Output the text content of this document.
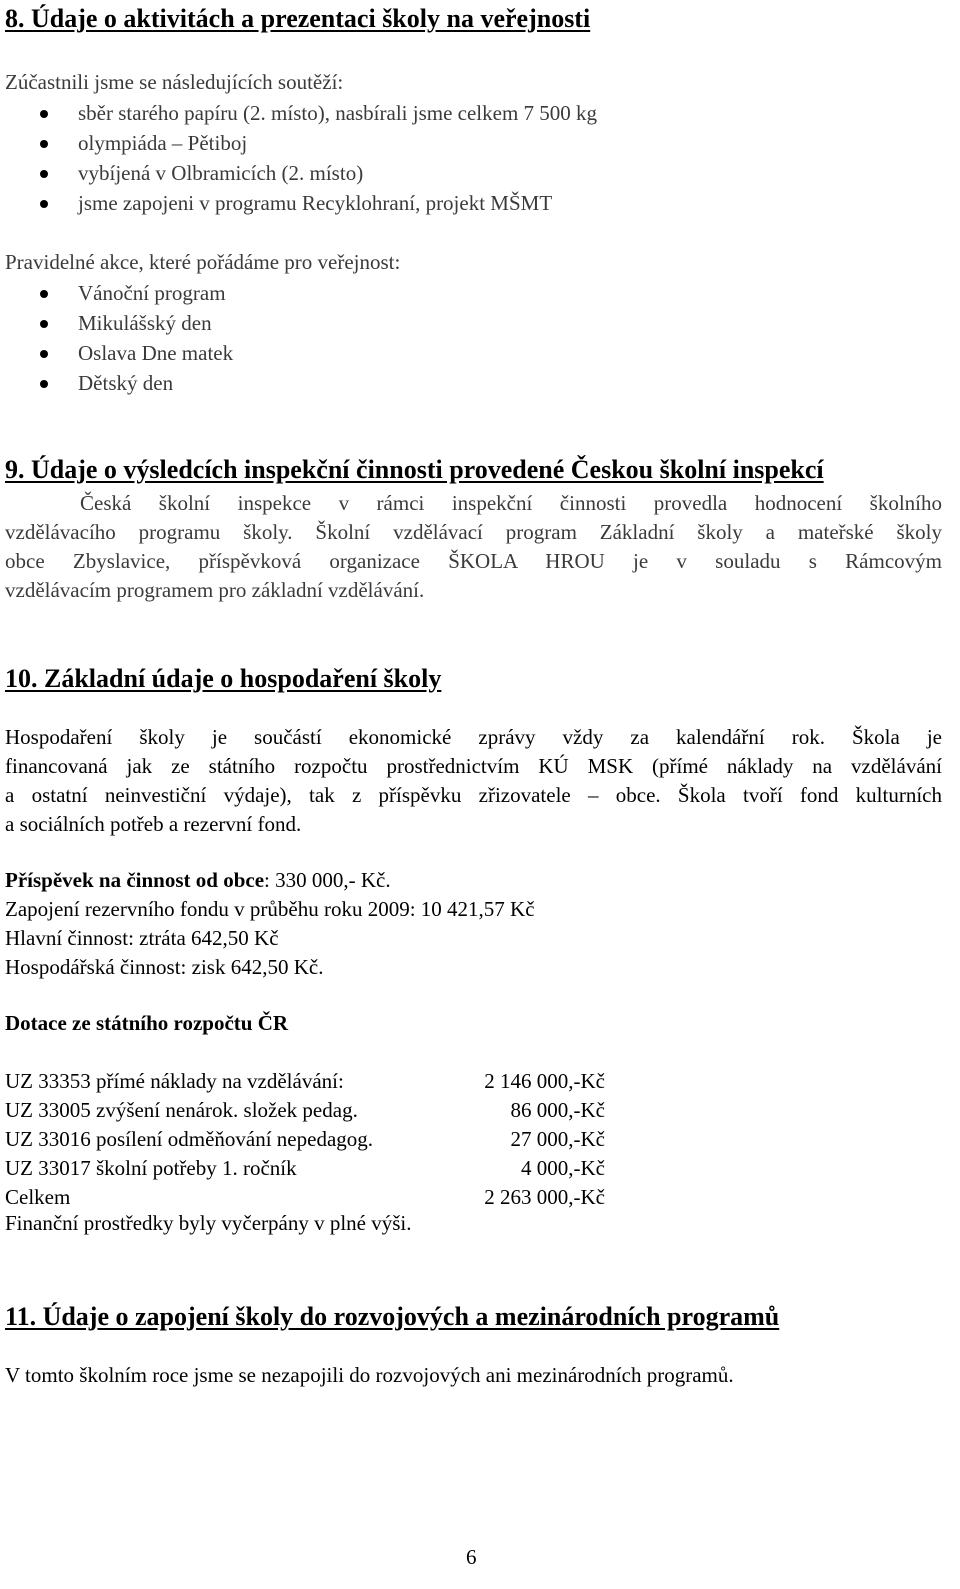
8. Údaje o aktivitách a prezentaci školy na veřejnosti
Zúčastnili jsme se následujících soutěží:
sběr starého papíru (2. místo), nasbírali jsme celkem 7 500 kg
olympiáda – Pětiboj
vybíjená v Olbramicích (2. místo)
jsme zapojeni v programu Recyklohraní, projekt MŠMT
Pravidelné akce, které pořádáme pro veřejnost:
Vánoční program
Mikulášský den
Oslava Dne matek
Dětský den
9. Údaje o výsledcích inspekční činnosti provedené Českou školní inspekcí
Česká školní inspekce v rámci inspekční činnosti provedla hodnocení školního
vzdělávacího programu školy. Školní vzdělávací program Základní školy a mateřské školy
obce Zbyslavice, příspěvková organizace ŠKOLA HROU je v souladu s Rámcovým
vzdělávacím programem pro základní vzdělávání.
10. Základní údaje o hospodaření školy
Hospodaření školy je součástí ekonomické zprávy vždy za kalendářní rok. Škola je
financovaná jak ze státního rozpočtu prostřednictvím KÚ MSK (přímé náklady na vzdělávání
a ostatní neinvestiční výdaje), tak z příspěvku zřizovatele – obce. Škola tvoří fond kulturních
a sociálních potřeb a rezervní fond.
Příspěvek na činnost od obce: 330 000,- Kč.
Zapojení rezervního fondu v průběhu roku 2009: 10 421,57 Kč
Hlavní činnost: ztráta 642,50 Kč
Hospodářská činnost: zisk 642,50 Kč.
Dotace ze státního rozpočtu ČR
UZ 33353 přímé náklady na vzdělávání:	2 146 000,-Kč
UZ 33005 zvýšení nenárok. složek pedag.	86 000,-Kč
UZ 33016 posílení odměňování nepedagog.	27 000,-Kč
UZ 33017 školní potřeby 1. ročník	4 000,-Kč
Celkem	2 263 000,-Kč
Finanční prostředky byly vyčerpány v plné výši.
11. Údaje o zapojení školy do rozvojových a mezinárodních programů
V tomto školním roce jsme se nezapojili do rozvojových ani mezinárodních programů.
6
